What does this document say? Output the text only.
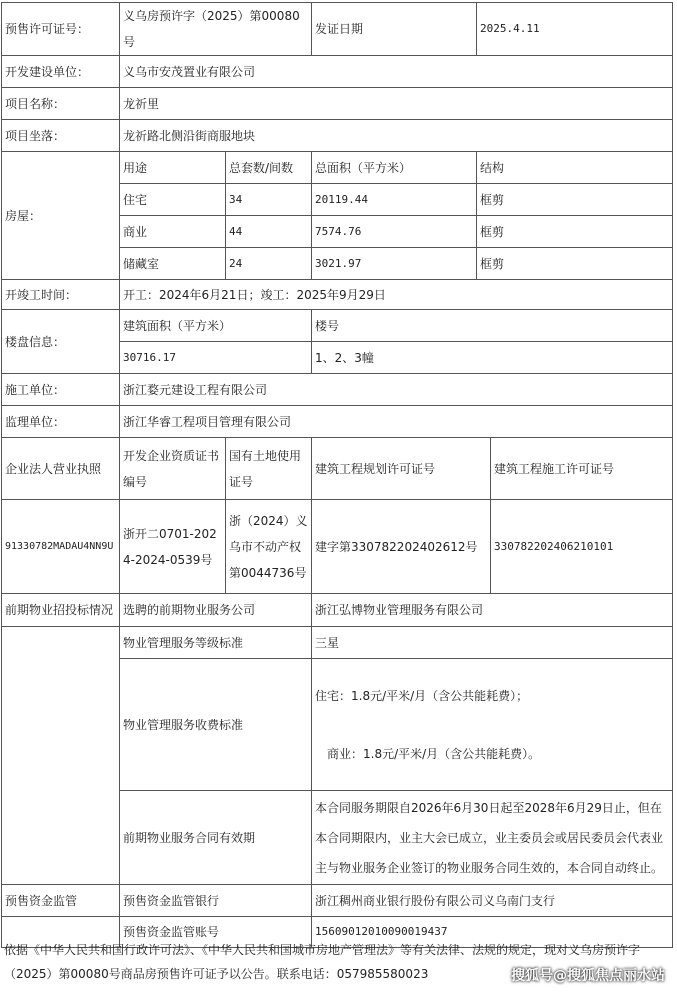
预售许可证号：	义乌房预许字（2025）第00080号		发证日期	2025.4.11	
开发建设单位：	义乌市安茂置业有限公司				
项目名称：	龙祈里				
项目坐落：	龙祈路北侧沿街商服地块				
房屋：	用途	总套数/间数	总面积（平方米）	结构	
	住宅	34	20119.44	框剪	
	商业	44	7574.76	框剪	
	储藏室	24	3021.97	框剪	
开竣工时间：	开工：2024年6月21日；竣工：2025年9月29日				
楼盘信息：	建筑面积（平方米）		楼号		
	30716.17		1、2、3幢		
施工单位：	浙江婺元建设工程有限公司				
监理单位：	浙江华睿工程项目管理有限公司				
企业法人营业执照	开发企业资质证书编号	国有土地使用证号	建筑工程规划许可证号		建筑工程施工许可证号
91330782MADAU4NN9U	浙开二0701-2024-2024-0539号	浙（2024）义乌市不动产权第0044736号	建字第330782202402612号		330782202406210101
前期物业招投标情况	选聘的前期物业服务公司		浙江弘博物业管理服务有限公司		
	物业管理服务等级标准		三星		
	物业管理服务收费标准		住宅：1.8元/平米/月（含公共能耗费）；
商业：1.8元/平米/月（含公共能耗费）。		

	前期物业服务合同有效期		本合同服务期限自2026年6月30日起至2028年6月29日止，但在本合同期限内，业主大会已成立，业主委员会或居民委员会代表业主与物业服务企业签订的物业服务合同生效的，本合同自动终止。		
预售资金监管	预售资金监管银行		浙江稠州商业银行股份有限公司义乌南门支行		
	预售资金监管账号		15609012010090019437		
依据《中华人民共和国行政许可法》、《中华人民共和国城市房地产管理法》等有关法律、法规的规定，现对义乌房预许字（2025）第00080号商品房预售许可证予以公告。联系电话：057985580023	搜狐号@搜狐焦点丽水站
